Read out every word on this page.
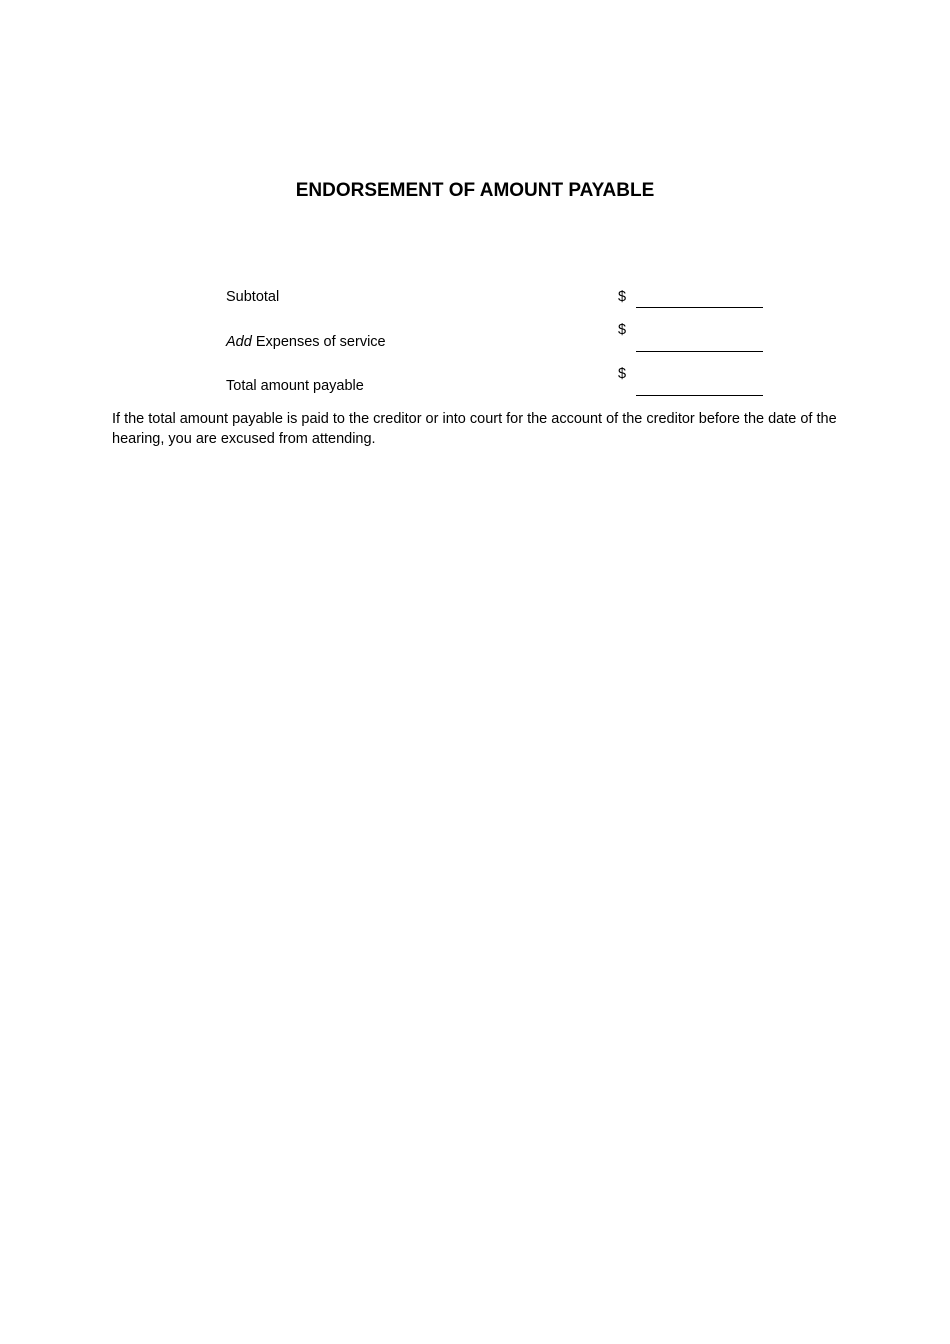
ENDORSEMENT OF AMOUNT PAYABLE
Subtotal	$
Add Expenses of service
$
Total amount payable
$
If the total amount payable is paid to the creditor or into court for the account of the creditor before the date of the hearing, you are excused from attending.
